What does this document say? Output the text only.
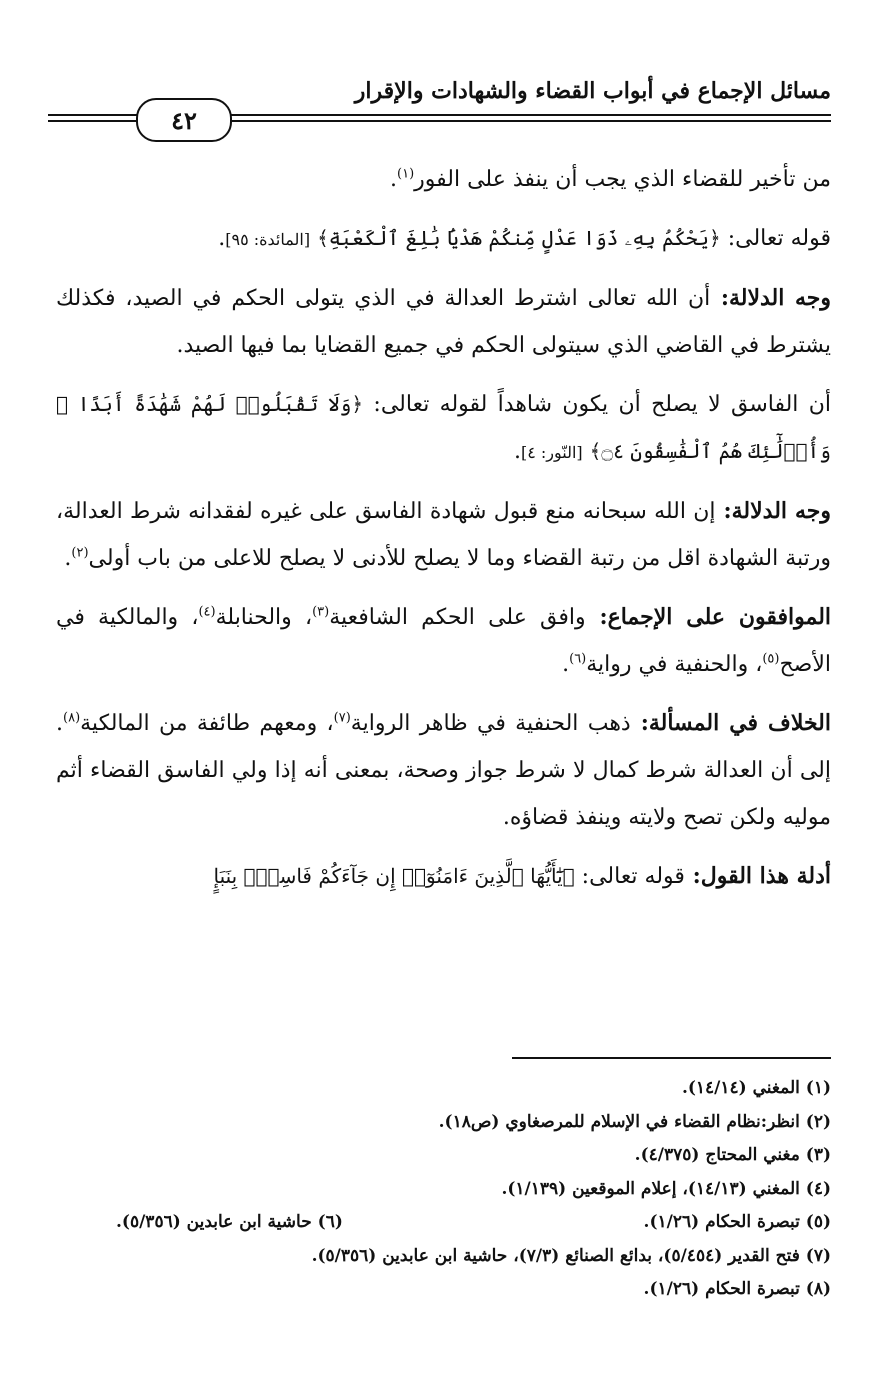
مسائل الإجماع في أبواب القضاء والشهادات والإقرار
٤٢

من تأخير للقضاء الذي يجب أن ينفذ على الفور$^{(١)}$.

قوله تعالى: ﴿يَحْكُمُ بِهِۦ ذَوَا عَدْلٍ مِّنكُمْ هَدْيَۢا بَٰلِغَ ٱلْكَعْبَةِ﴾ [المائدة: ٩٥].

وجه الدلالة: أن الله تعالى اشترط العدالة في الذي يتولى الحكم في الصيد، فكذلك يشترط في القاضي الذي سيتولى الحكم في جميع القضايا بما فيها الصيد.

أن الفاسق لا يصلح أن يكون شاهداً لقوله تعالى: ﴿وَلَا تَقْبَلُوا۟ لَهُمْ شَهَٰدَةً أَبَدًا ۚ وَأُو۟لَٰٓئِكَ هُمُ ٱلْفَٰسِقُونَ ۝٤﴾ [النّور: ٤].

وجه الدلالة: إن الله سبحانه منع قبول شهادة الفاسق على غيره لفقدانه شرط العدالة، ورتبة الشهادة اقل من رتبة القضاء وما لا يصلح للأدنى لا يصلح للاعلى من باب أولى$^{(٢)}$.

الموافقون على الإجماع: وافق على الحكم الشافعية$^{(٣)}$، والحنابلة$^{(٤)}$، والمالكية في الأصح$^{(٥)}$، والحنفية في رواية$^{(٦)}$.

الخلاف في المسألة: ذهب الحنفية في ظاهر الرواية$^{(٧)}$، ومعهم طائفة من المالكية$^{(٨)}$. إلى أن العدالة شرط كمال لا شرط جواز وصحة، بمعنى أنه إذا ولي الفاسق القضاء أثم موليه ولكن تصح ولايته وينفذ قضاؤه.

أدلة هذا القول: قوله تعالى: ﴿يَٰٓأَيُّهَا ٱلَّذِينَ ءَامَنُوٓا۟ إِن جَآءَكُمْ فَاسِقٌۢ بِنَبَإٍ

(١) المغني (١٤/١٤).
(٢) انظر:نظام القضاء في الإسلام للمرصغاوي (ص١٨).
(٣) مغني المحتاج (٤/٣٧٥).
(٤) المغني (١٤/١٣)، إعلام الموقعين (١/١٣٩).
(٥) تبصرة الحكام (١/٢٦).
(٦) حاشية ابن عابدين (٥/٣٥٦).
(٧) فتح القدير (٥/٤٥٤)، بدائع الصنائع (٧/٣)، حاشية ابن عابدين (٥/٣٥٦).
(٨) تبصرة الحكام (١/٢٦).
